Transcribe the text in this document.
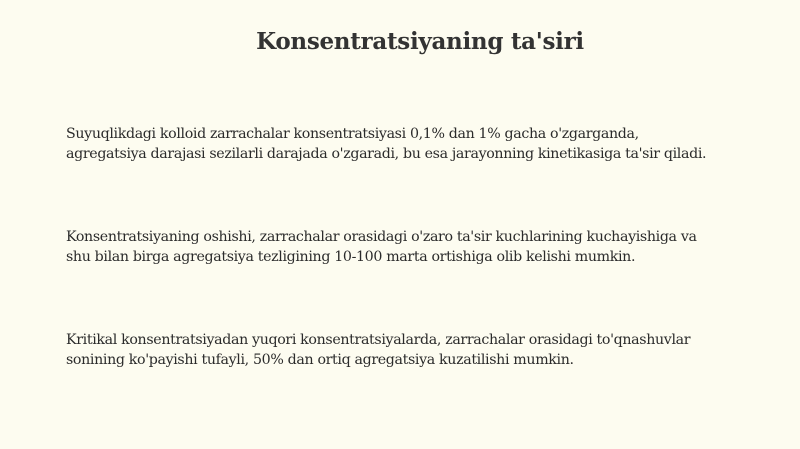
Konsentratsiyaning ta'siri

Suyuqlikdagi kolloid zarrachalar konsentratsiyasi 0,1% dan 1% gacha o'zgarganda,
agregatsiya darajasi sezilarli darajada o'zgaradi, bu esa jarayonning kinetikasiga ta'sir qiladi.

Konsentratsiyaning oshishi, zarrachalar orasidagi o'zaro ta'sir kuchlarining kuchayishiga va
shu bilan birga agregatsiya tezligining 10-100 marta ortishiga olib kelishi mumkin.

Kritikal konsentratsiyadan yuqori konsentratsiyalarda, zarrachalar orasidagi to'qnashuvlar
sonining ko'payishi tufayli, 50% dan ortiq agregatsiya kuzatilishi mumkin.
